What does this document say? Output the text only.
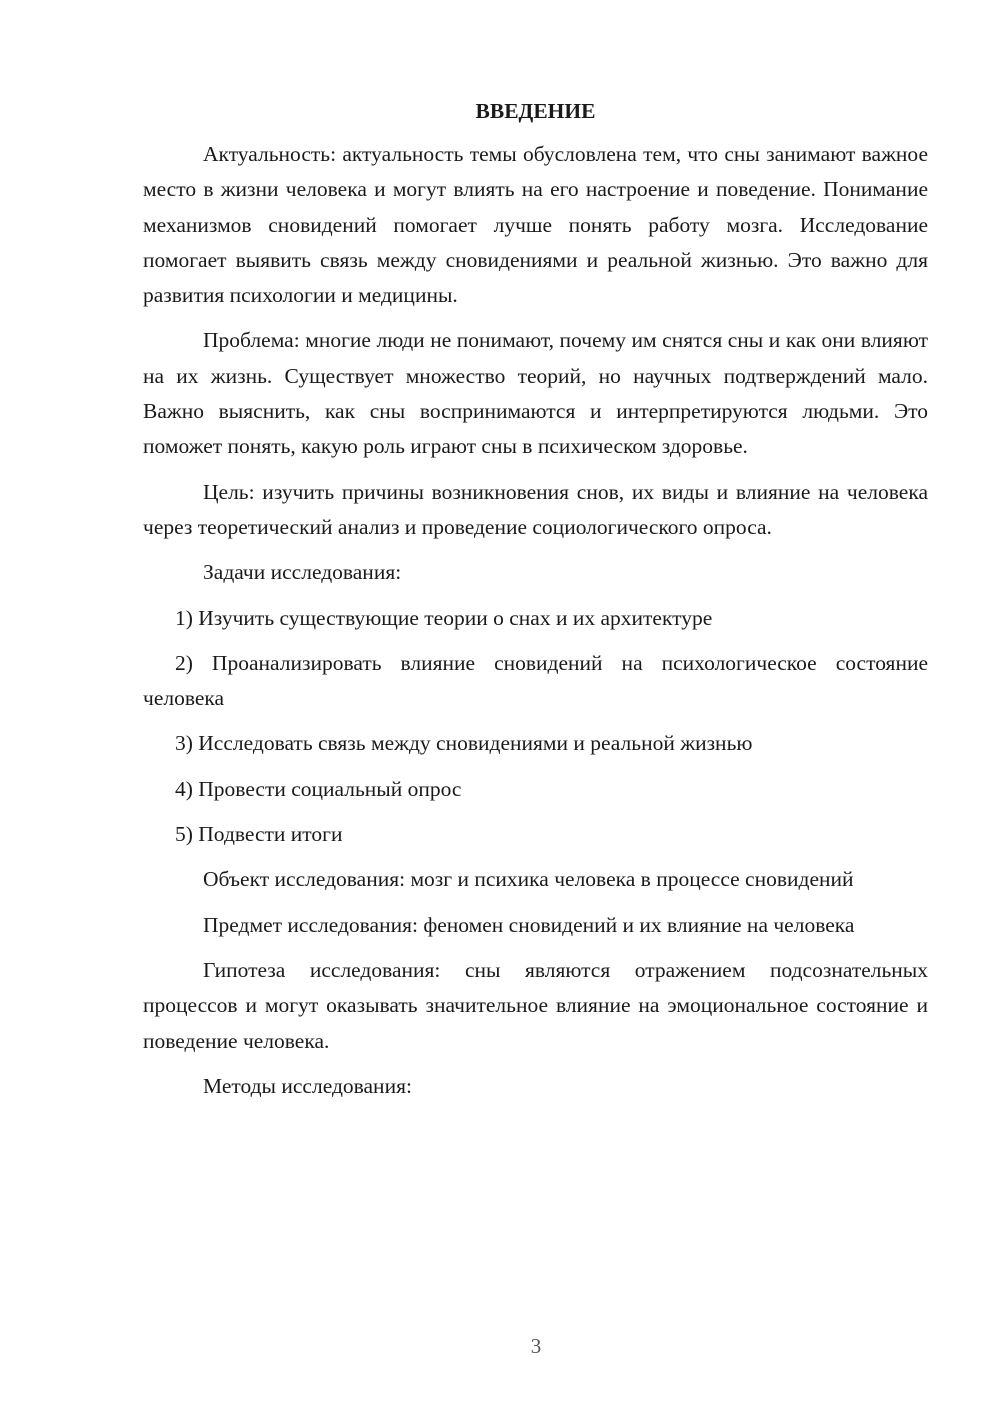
ВВЕДЕНИЕ

Актуальность: актуальность темы обусловлена тем, что сны занимают важное место в жизни человека и могут влиять на его настроение и поведение. Понимание механизмов сновидений помогает лучше понять работу мозга. Исследование помогает выявить связь между сновидениями и реальной жизнью. Это важно для развития психологии и медицины.

Проблема: многие люди не понимают, почему им снятся сны и как они влияют на их жизнь. Существует множество теорий, но научных подтверждений мало. Важно выяснить, как сны воспринимаются и интерпретируются людьми. Это поможет понять, какую роль играют сны в психическом здоровье.

Цель: изучить причины возникновения снов, их виды и влияние на человека через теоретический анализ и проведение социологического опроса.

Задачи исследования:

1) Изучить существующие теории о снах и их архитектуре

2) Проанализировать влияние сновидений на психологическое состояние человека

3) Исследовать связь между сновидениями и реальной жизнью

4) Провести социальный опрос

5) Подвести итоги

Объект исследования: мозг и психика человека в процессе сновидений

Предмет исследования: феномен сновидений и их влияние на человека

Гипотеза исследования: сны являются отражением подсознательных процессов и могут оказывать значительное влияние на эмоциональное состояние и поведение человека.

Методы исследования:

3
